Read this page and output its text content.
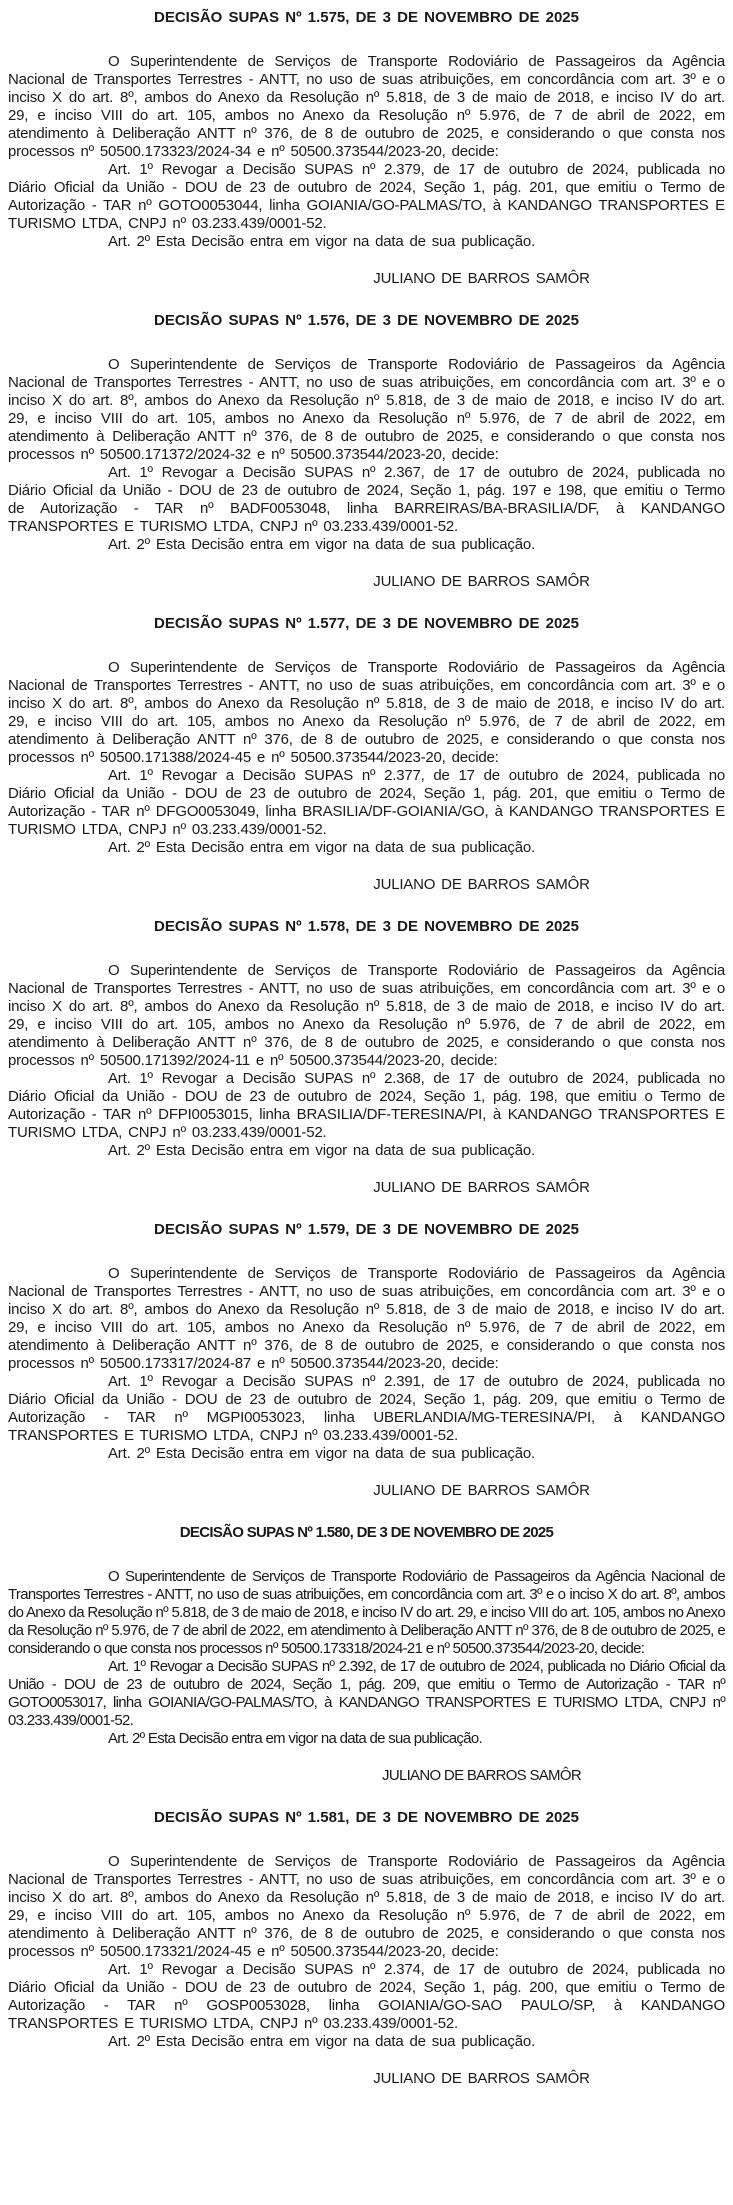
DECISÃO SUPAS Nº 1.575, DE 3 DE NOVEMBRO DE 2025

O Superintendente de Serviços de Transporte Rodoviário de Passageiros da Agência Nacional de Transportes Terrestres - ANTT, no uso de suas atribuições, em concordância com art. 3º e o inciso X do art. 8º, ambos do Anexo da Resolução nº 5.818, de 3 de maio de 2018, e inciso IV do art. 29, e inciso VIII do art. 105, ambos no Anexo da Resolução nº 5.976, de 7 de abril de 2022, em atendimento à Deliberação ANTT nº 376, de 8 de outubro de 2025, e considerando o que consta nos processos nº 50500.173323/2024-34 e nº 50500.373544/2023-20, decide:

Art. 1º Revogar a Decisão SUPAS nº 2.379, de 17 de outubro de 2024, publicada no Diário Oficial da União - DOU de 23 de outubro de 2024, Seção 1, pág. 201, que emitiu o Termo de Autorização - TAR nº GOTO0053044, linha GOIANIA/GO-PALMAS/TO, à KANDANGO TRANSPORTES E TURISMO LTDA, CNPJ nº 03.233.439/0001-52.

Art. 2º Esta Decisão entra em vigor na data de sua publicação.

JULIANO DE BARROS SAMÔR
DECISÃO SUPAS Nº 1.576, DE 3 DE NOVEMBRO DE 2025

O Superintendente de Serviços de Transporte Rodoviário de Passageiros da Agência Nacional de Transportes Terrestres - ANTT, no uso de suas atribuições, em concordância com art. 3º e o inciso X do art. 8º, ambos do Anexo da Resolução nº 5.818, de 3 de maio de 2018, e inciso IV do art. 29, e inciso VIII do art. 105, ambos no Anexo da Resolução nº 5.976, de 7 de abril de 2022, em atendimento à Deliberação ANTT nº 376, de 8 de outubro de 2025, e considerando o que consta nos processos nº 50500.171372/2024-32 e nº 50500.373544/2023-20, decide:

Art. 1º Revogar a Decisão SUPAS nº 2.367, de 17 de outubro de 2024, publicada no Diário Oficial da União - DOU de 23 de outubro de 2024, Seção 1, pág. 197 e 198, que emitiu o Termo de Autorização - TAR nº BADF0053048, linha BARREIRAS/BA-BRASILIA/DF, à KANDANGO TRANSPORTES E TURISMO LTDA, CNPJ nº 03.233.439/0001-52.

Art. 2º Esta Decisão entra em vigor na data de sua publicação.

JULIANO DE BARROS SAMÔR
DECISÃO SUPAS Nº 1.577, DE 3 DE NOVEMBRO DE 2025

O Superintendente de Serviços de Transporte Rodoviário de Passageiros da Agência Nacional de Transportes Terrestres - ANTT, no uso de suas atribuições, em concordância com art. 3º e o inciso X do art. 8º, ambos do Anexo da Resolução nº 5.818, de 3 de maio de 2018, e inciso IV do art. 29, e inciso VIII do art. 105, ambos no Anexo da Resolução nº 5.976, de 7 de abril de 2022, em atendimento à Deliberação ANTT nº 376, de 8 de outubro de 2025, e considerando o que consta nos processos nº 50500.171388/2024-45 e nº 50500.373544/2023-20, decide:

Art. 1º Revogar a Decisão SUPAS nº 2.377, de 17 de outubro de 2024, publicada no Diário Oficial da União - DOU de 23 de outubro de 2024, Seção 1, pág. 201, que emitiu o Termo de Autorização - TAR nº DFGO0053049, linha BRASILIA/DF-GOIANIA/GO, à KANDANGO TRANSPORTES E TURISMO LTDA, CNPJ nº 03.233.439/0001-52.

Art. 2º Esta Decisão entra em vigor na data de sua publicação.

JULIANO DE BARROS SAMÔR
DECISÃO SUPAS Nº 1.578, DE 3 DE NOVEMBRO DE 2025

O Superintendente de Serviços de Transporte Rodoviário de Passageiros da Agência Nacional de Transportes Terrestres - ANTT, no uso de suas atribuições, em concordância com art. 3º e o inciso X do art. 8º, ambos do Anexo da Resolução nº 5.818, de 3 de maio de 2018, e inciso IV do art. 29, e inciso VIII do art. 105, ambos no Anexo da Resolução nº 5.976, de 7 de abril de 2022, em atendimento à Deliberação ANTT nº 376, de 8 de outubro de 2025, e considerando o que consta nos processos nº 50500.171392/2024-11 e nº 50500.373544/2023-20, decide:

Art. 1º Revogar a Decisão SUPAS nº 2.368, de 17 de outubro de 2024, publicada no Diário Oficial da União - DOU de 23 de outubro de 2024, Seção 1, pág. 198, que emitiu o Termo de Autorização - TAR nº DFPI0053015, linha BRASILIA/DF-TERESINA/PI, à KANDANGO TRANSPORTES E TURISMO LTDA, CNPJ nº 03.233.439/0001-52.

Art. 2º Esta Decisão entra em vigor na data de sua publicação.

JULIANO DE BARROS SAMÔR
DECISÃO SUPAS Nº 1.579, DE 3 DE NOVEMBRO DE 2025

O Superintendente de Serviços de Transporte Rodoviário de Passageiros da Agência Nacional de Transportes Terrestres - ANTT, no uso de suas atribuições, em concordância com art. 3º e o inciso X do art. 8º, ambos do Anexo da Resolução nº 5.818, de 3 de maio de 2018, e inciso IV do art. 29, e inciso VIII do art. 105, ambos no Anexo da Resolução nº 5.976, de 7 de abril de 2022, em atendimento à Deliberação ANTT nº 376, de 8 de outubro de 2025, e considerando o que consta nos processos nº 50500.173317/2024-87 e nº 50500.373544/2023-20, decide:

Art. 1º Revogar a Decisão SUPAS nº 2.391, de 17 de outubro de 2024, publicada no Diário Oficial da União - DOU de 23 de outubro de 2024, Seção 1, pág. 209, que emitiu o Termo de Autorização - TAR nº MGPI0053023, linha UBERLANDIA/MG-TERESINA/PI, à KANDANGO TRANSPORTES E TURISMO LTDA, CNPJ nº 03.233.439/0001-52.

Art. 2º Esta Decisão entra em vigor na data de sua publicação.

JULIANO DE BARROS SAMÔR
DECISÃO SUPAS Nº 1.580, DE 3 DE NOVEMBRO DE 2025

O Superintendente de Serviços de Transporte Rodoviário de Passageiros da Agência Nacional de Transportes Terrestres - ANTT, no uso de suas atribuições, em concordância com art. 3º e o inciso X do art. 8º, ambos do Anexo da Resolução nº 5.818, de 3 de maio de 2018, e inciso IV do art. 29, e inciso VIII do art. 105, ambos no Anexo da Resolução nº 5.976, de 7 de abril de 2022, em atendimento à Deliberação ANTT nº 376, de 8 de outubro de 2025, e considerando o que consta nos processos nº 50500.173318/2024-21 e nº 50500.373544/2023-20, decide:

Art. 1º Revogar a Decisão SUPAS nº 2.392, de 17 de outubro de 2024, publicada no Diário Oficial da União - DOU de 23 de outubro de 2024, Seção 1, pág. 209, que emitiu o Termo de Autorização - TAR nº GOTO0053017, linha GOIANIA/GO-PALMAS/TO, à KANDANGO TRANSPORTES E TURISMO LTDA, CNPJ nº 03.233.439/0001-52.

Art. 2º Esta Decisão entra em vigor na data de sua publicação.

JULIANO DE BARROS SAMÔR
DECISÃO SUPAS Nº 1.581, DE 3 DE NOVEMBRO DE 2025

O Superintendente de Serviços de Transporte Rodoviário de Passageiros da Agência Nacional de Transportes Terrestres - ANTT, no uso de suas atribuições, em concordância com art. 3º e o inciso X do art. 8º, ambos do Anexo da Resolução nº 5.818, de 3 de maio de 2018, e inciso IV do art. 29, e inciso VIII do art. 105, ambos no Anexo da Resolução nº 5.976, de 7 de abril de 2022, em atendimento à Deliberação ANTT nº 376, de 8 de outubro de 2025, e considerando o que consta nos processos nº 50500.173321/2024-45 e nº 50500.373544/2023-20, decide:

Art. 1º Revogar a Decisão SUPAS nº 2.374, de 17 de outubro de 2024, publicada no Diário Oficial da União - DOU de 23 de outubro de 2024, Seção 1, pág. 200, que emitiu o Termo de Autorização - TAR nº GOSP0053028, linha GOIANIA/GO-SAO PAULO/SP, à KANDANGO TRANSPORTES E TURISMO LTDA, CNPJ nº 03.233.439/0001-52.

Art. 2º Esta Decisão entra em vigor na data de sua publicação.

JULIANO DE BARROS SAMÔR
